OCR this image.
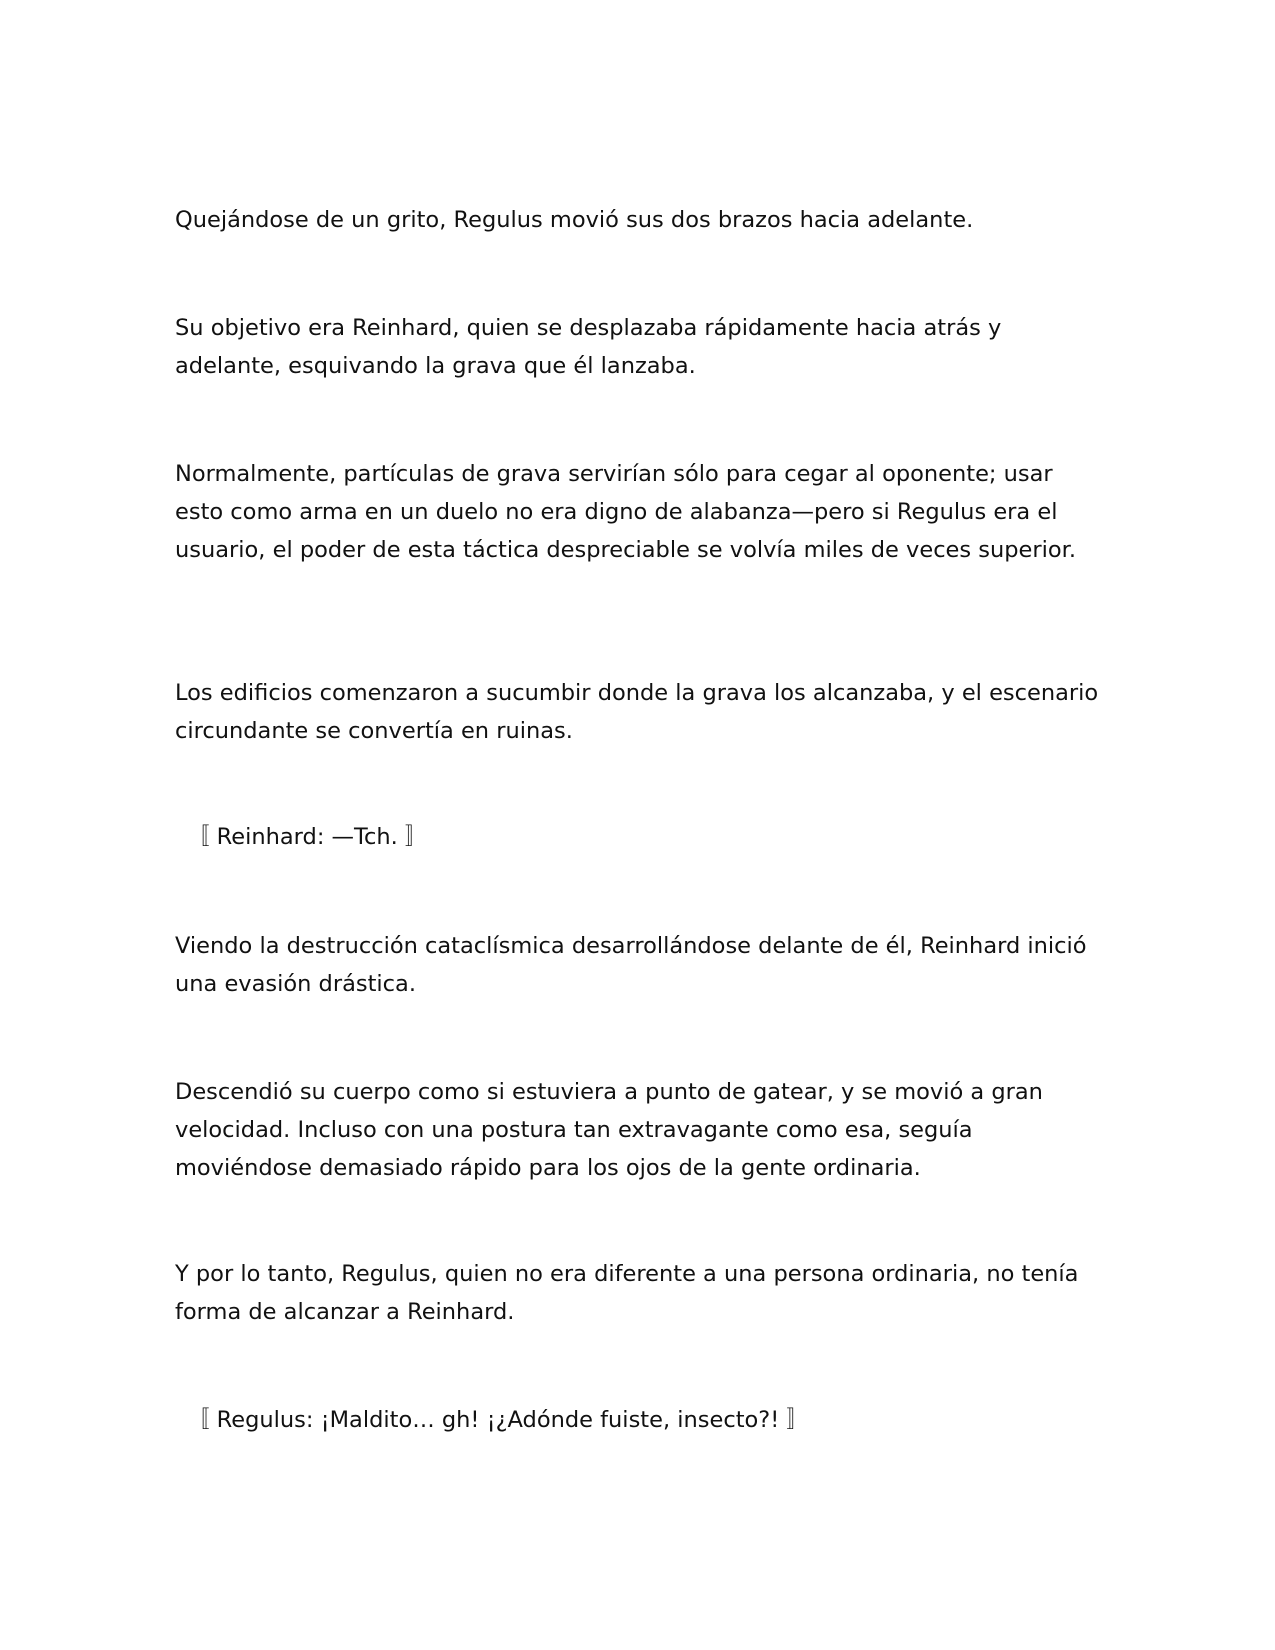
Quejándose de un grito, Regulus movió sus dos brazos hacia adelante.

Su objetivo era Reinhard, quien se desplazaba rápidamente hacia atrás y adelante, esquivando la grava que él lanzaba.

Normalmente, partículas de grava servirían sólo para cegar al oponente; usar esto como arma en un duelo no era digno de alabanza—pero si Regulus era el usuario, el poder de esta táctica despreciable se volvía miles de veces superior.

Los edificios comenzaron a sucumbir donde la grava los alcanzaba, y el escenario circundante se convertía en ruinas.

〚 Reinhard: —Tch. 〛

Viendo la destrucción cataclísmica desarrollándose delante de él, Reinhard inició una evasión drástica.

Descendió su cuerpo como si estuviera a punto de gatear, y se movió a gran velocidad. Incluso con una postura tan extravagante como esa, seguía moviéndose demasiado rápido para los ojos de la gente ordinaria.

Y por lo tanto, Regulus, quien no era diferente a una persona ordinaria, no tenía forma de alcanzar a Reinhard.

〚 Regulus: ¡Maldito… gh! ¡¿Adónde fuiste, insecto?! 〛
